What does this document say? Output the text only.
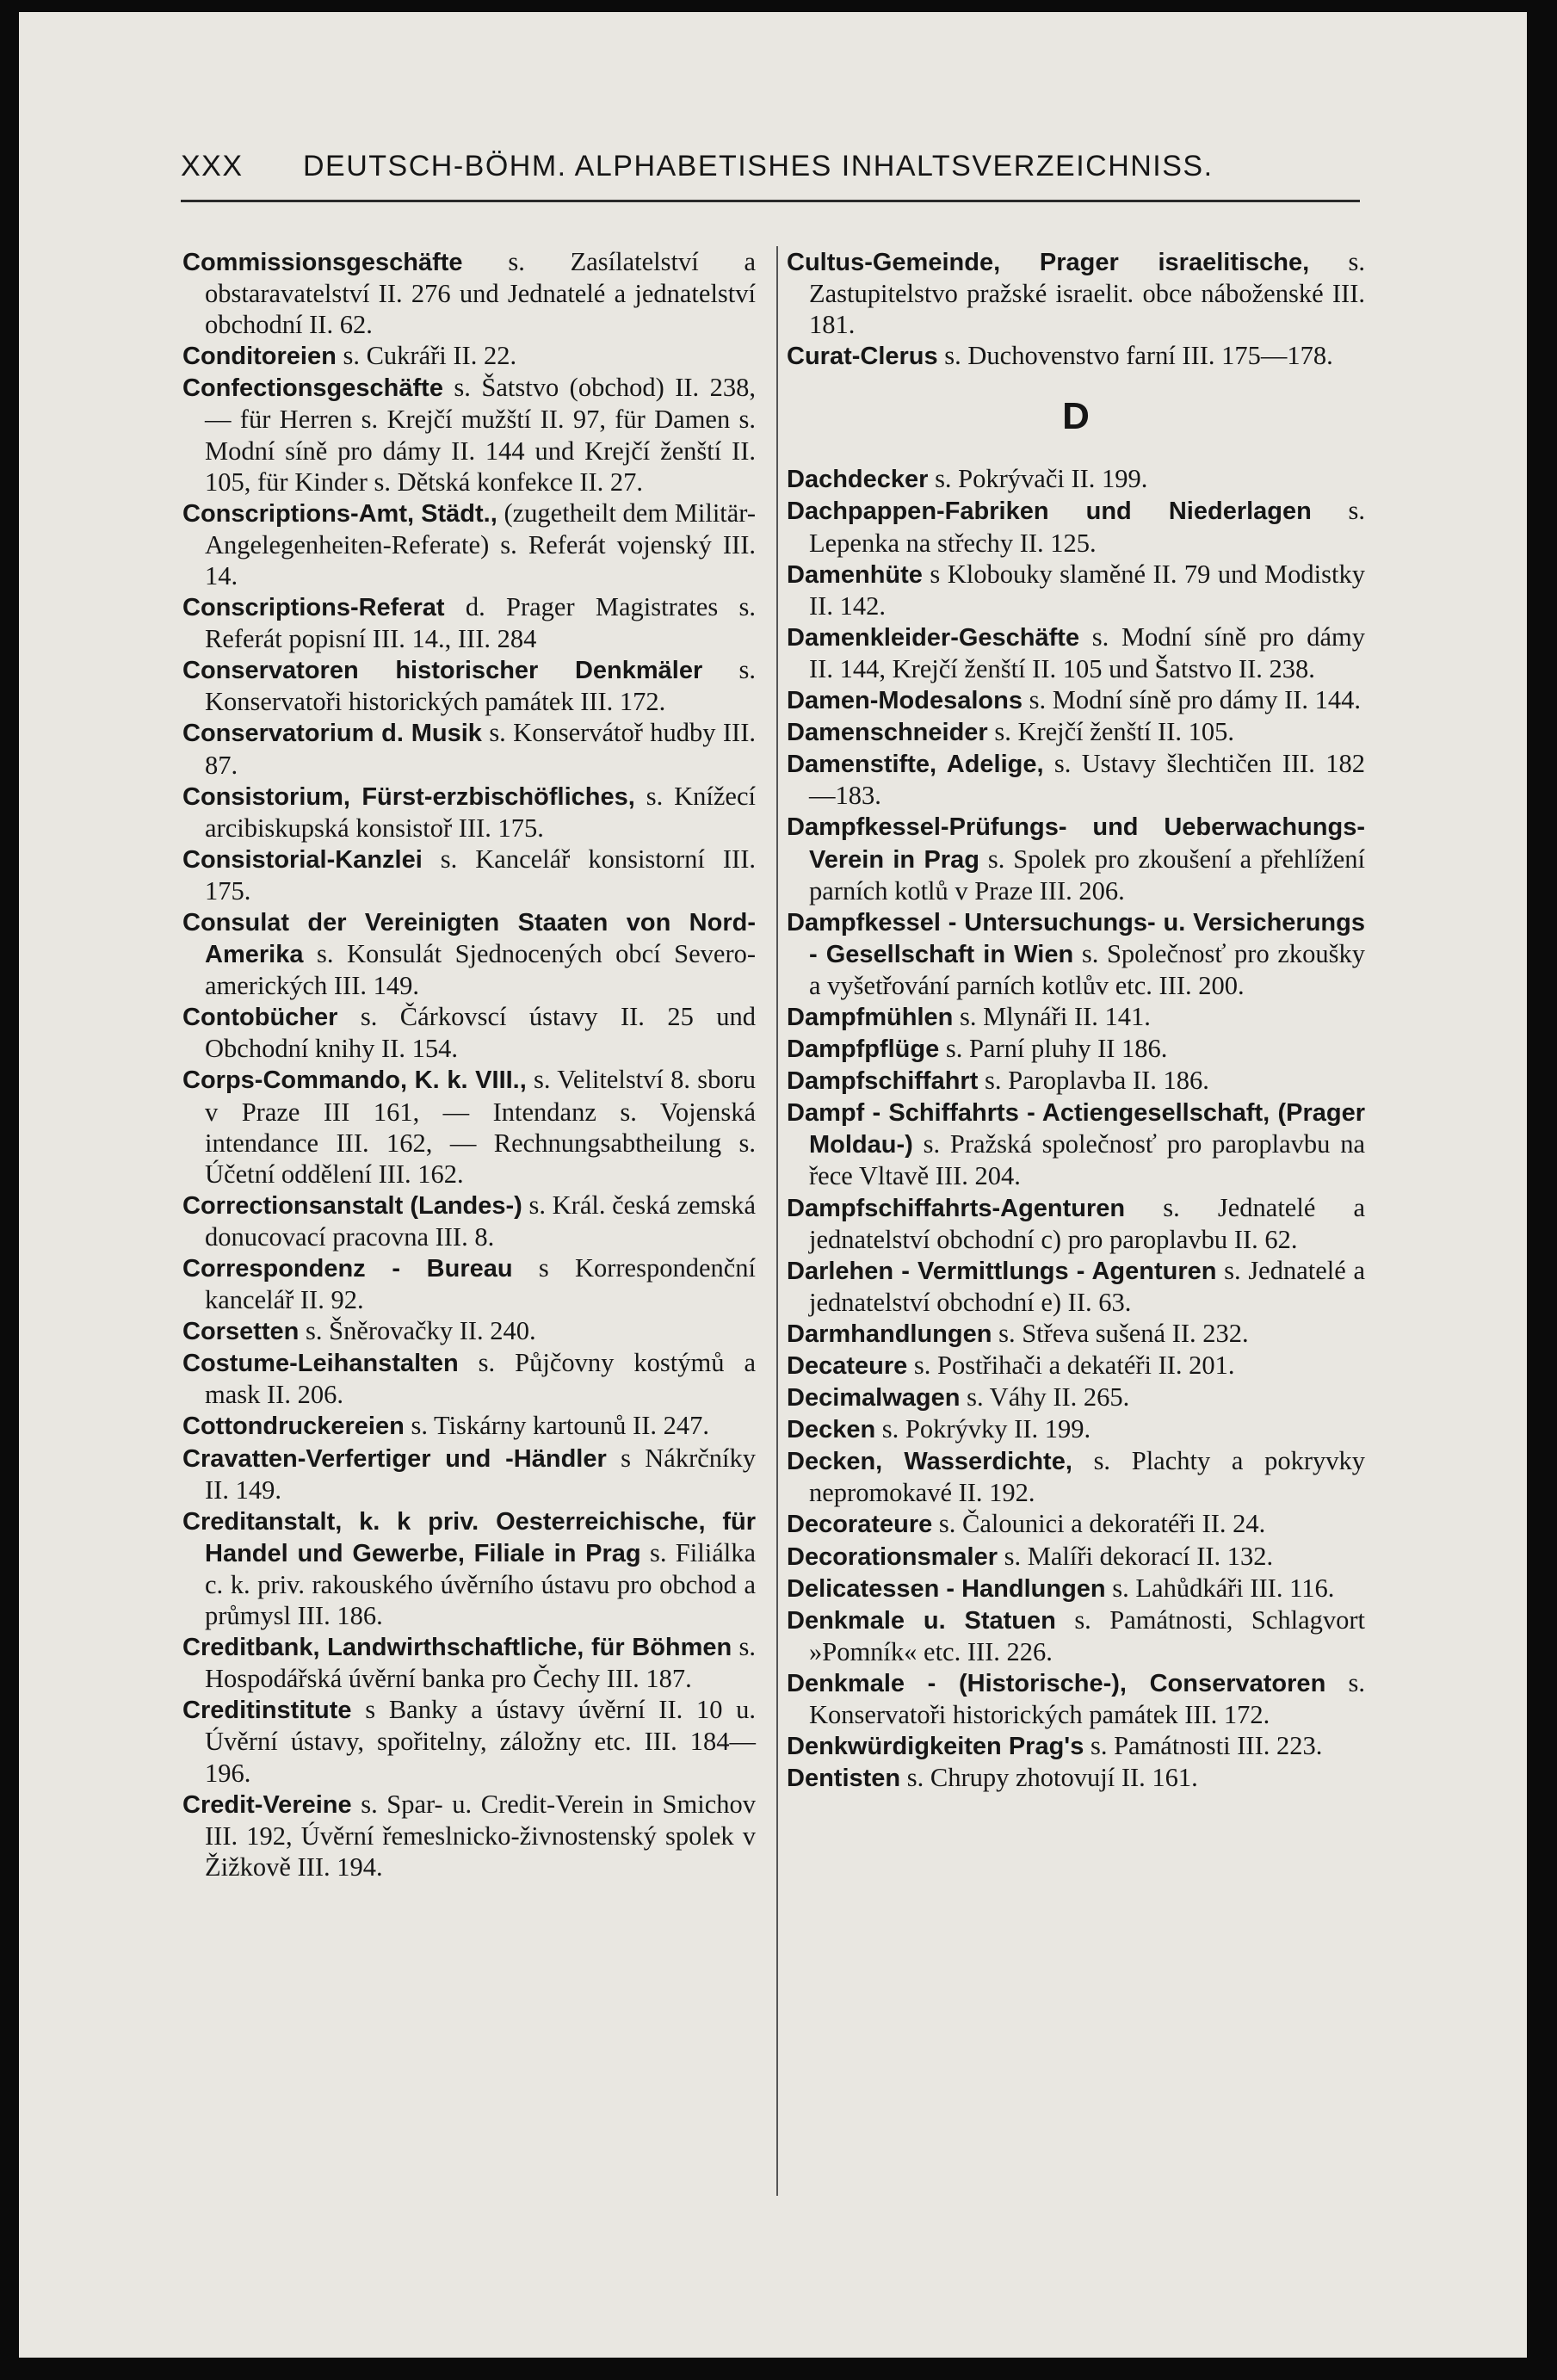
XXX DEUTSCH-BÖHM. ALPHABETISHES INHALTSVERZEICHNISS.
Commissionsgeschäfte s. Zasílatelství a obstaravatelství II. 276 und Jednatelé a jednatelství obchodní II. 62.
Conditoreien s. Cukráři II. 22.
Confectionsgeschäfte s. Šatstvo (obchod) II. 238, — für Herren s. Krejčí mužští II. 97, für Damen s. Modní síně pro dámy II. 144 und Krejčí ženští II. 105, für Kinder s. Dětská konfekce II. 27.
Conscriptions-Amt, Städt., (zugetheilt dem Militär-Angelegenheiten-Referate) s. Referát vojenský III. 14.
Conscriptions-Referat d. Prager Magistrates s. Referát popisní III. 14., III. 284
Conservatoren historischer Denkmäler s. Konservatoři historických památek III. 172.
Conservatorium d. Musik s. Konservátoř hudby III. 87.
Consistorium, Fürst-erzbischöfliches, s. Knížecí arcibiskupská konsistoř III. 175.
Consistorial-Kanzlei s. Kancelář konsistorní III. 175.
Consulat der Vereinigten Staaten von Nord-Amerika s. Konsulát Sjednocených obcí Severo-amerických III. 149.
Contobücher s. Čárkovscí ústavy II. 25 und Obchodní knihy II. 154.
Corps-Commando, K. k. VIII., s. Velitelství 8. sboru v Praze III 161, — Intendanz s. Vojenská intendance III. 162, — Rechnungsabtheilung s. Účetní oddělení III. 162.
Correctionsanstalt (Landes-) s. Král. česká zemská donucovací pracovna III. 8.
Correspondenz - Bureau s Korrespondenční kancelář II. 92.
Corsetten s. Šněrovačky II. 240.
Costume-Leihanstalten s. Půjčovny kostýmů a mask II. 206.
Cottondruckereien s. Tiskárny kartounů II. 247.
Cravatten-Verfertiger und -Händler s Nákrčníky II. 149.
Creditanstalt, k. k priv. Oesterreichische, für Handel und Gewerbe, Filiale in Prag s. Filiálka c. k. priv. rakouského úvěrního ústavu pro obchod a průmysl III. 186.
Creditbank, Landwirthschaftliche, für Böhmen s. Hospodářská úvěrní banka pro Čechy III. 187.
Creditinstitute s Banky a ústavy úvěrní II. 10 u. Úvěrní ústavy, spořitelny, záložny etc. III. 184—196.
Credit-Vereine s. Spar- u. Credit-Verein in Smichov III. 192, Úvěrní řemeslnicko-živnostenský spolek v Žižkově III. 194.
Cultus-Gemeinde, Prager israelitische, s. Zastupitelstvo pražské israelit. obce náboženské III. 181.
Curat-Clerus s. Duchovenstvo farní III. 175—178.
D
Dachdecker s. Pokrývači II. 199.
Dachpappen-Fabriken und Niederlagen s. Lepenka na střechy II. 125.
Damenhüte s Klobouky slaměné II. 79 und Modistky II. 142.
Damenkleider-Geschäfte s. Modní síně pro dámy II. 144, Krejčí ženští II. 105 und Šatstvo II. 238.
Damen-Modesalons s. Modní síně pro dámy II. 144.
Damenschneider s. Krejčí ženští II. 105.
Damenstifte, Adelige, s. Ustavy šlechtičen III. 182—183.
Dampfkessel-Prüfungs- und Ueberwachungs-Verein in Prag s. Spolek pro zkoušení a přehlížení parních kotlů v Praze III. 206.
Dampfkessel - Untersuchungs- u. Versicherungs - Gesellschaft in Wien s. Společnosť pro zkoušky a vyšetřování parních kotlův etc. III. 200.
Dampfmühlen s. Mlynáři II. 141.
Dampfpflüge s. Parní pluhy II 186.
Dampfschiffahrt s. Paroplavba II. 186.
Dampf - Schiffahrts - Actiengesellschaft, (Prager Moldau-) s. Pražská společnosť pro paroplavbu na řece Vltavě III. 204.
Dampfschiffahrts-Agenturen s. Jednatelé a jednatelství obchodní c) pro paroplavbu II. 62.
Darlehen - Vermittlungs - Agenturen s. Jednatelé a jednatelství obchodní e) II. 63.
Darmhandlungen s. Střeva sušená II. 232.
Decateure s. Postřihači a dekatéři II. 201.
Decimalwagen s. Váhy II. 265.
Decken s. Pokrývky II. 199.
Decken, Wasserdichte, s. Plachty a pokryvky nepromokavé II. 192.
Decorateure s. Čalounici a dekoratéři II. 24.
Decorationsmaler s. Malíři dekorací II. 132.
Delicatessen - Handlungen s. Lahůdkáři III. 116.
Denkmale u. Statuen s. Památnosti, Schlagvort »Pomník« etc. III. 226.
Denkmale - (Historische-), Conservatoren s. Konservatoři historických památek III. 172.
Denkwürdigkeiten Prag's s. Památnosti III. 223.
Dentisten s. Chrupy zhotovují II. 161.
